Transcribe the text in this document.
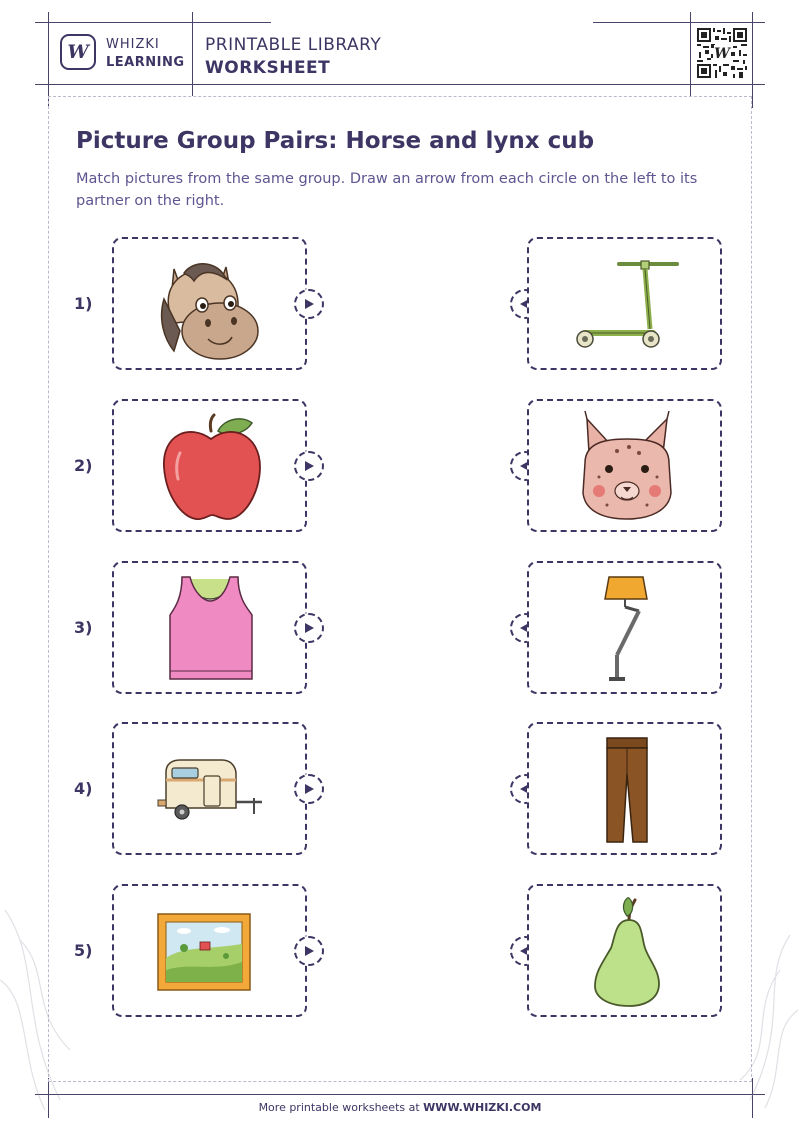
W WHIZKI
LEARNING
PRINTABLE LIBRARY
WORKSHEET
W
Picture Group Pairs: Horse and lynx cub
Match pictures from the same group. Draw an arrow from each circle on the left to its partner on the right.
1)
2)
3)
4)
5)
More printable worksheets at WWW.WHIZKI.COM
